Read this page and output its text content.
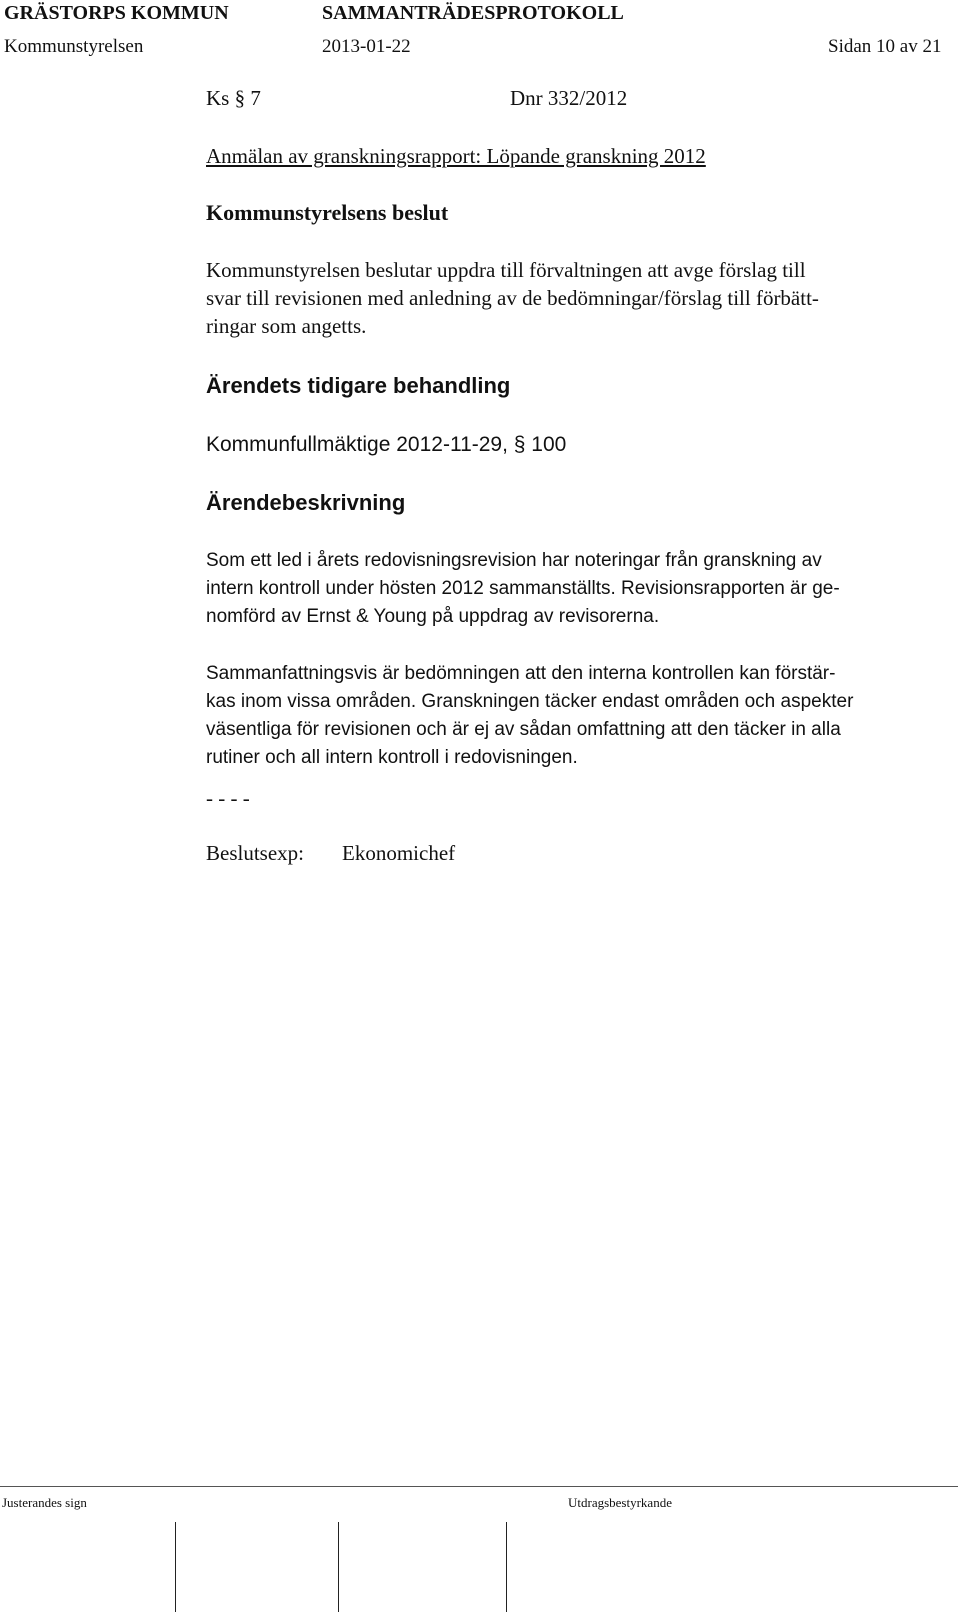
GRÄSTORPS KOMMUN	SAMMANTRÄDESPROTOKOLL
Kommunstyrelsen	2013-01-22	Sidan 10 av 21
Ks § 7	Dnr 332/2012
Anmälan av granskningsrapport: Löpande granskning 2012
Kommunstyrelsens beslut
Kommunstyrelsen beslutar uppdra till förvaltningen att avge förslag till
svar till revisionen med anledning av de bedömningar/förslag till förbätt-
ringar som angetts.
Ärendets tidigare behandling
Kommunfullmäktige 2012-11-29, § 100
Ärendebeskrivning
Som ett led i årets redovisningsrevision har noteringar från granskning av
intern kontroll under hösten 2012 sammanställts. Revisionsrapporten är ge-
nomförd av Ernst & Young på uppdrag av revisorerna.
Sammanfattningsvis är bedömningen att den interna kontrollen kan förstär-
kas inom vissa områden. Granskningen täcker endast områden och aspekter
väsentliga för revisionen och är ej av sådan omfattning att den täcker in alla
rutiner och all intern kontroll i redovisningen.
- - - -
Beslutsexp: Ekonomichef
Justerandes sign	Utdragsbestyrkande
